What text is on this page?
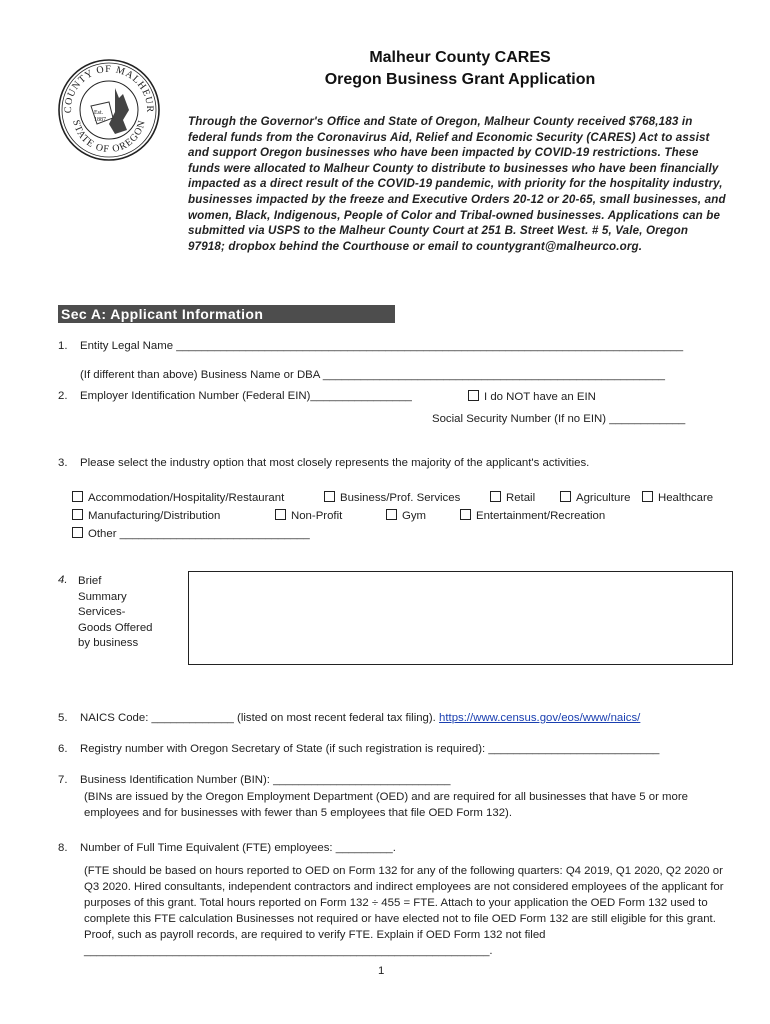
COUNTY OF MALHEUR
STATE OF OREGON
Est.
1887
Malheur County CARES
Oregon Business Grant Application
Through the Governor's Office and State of Oregon, Malheur County received $768,183 in federal funds from the Coronavirus Aid, Relief and Economic Security (CARES) Act to assist and support Oregon businesses who have been impacted by COVID-19 restrictions. These funds were allocated to Malheur County to distribute to businesses who have been financially impacted as a direct result of the COVID-19 pandemic, with priority for the hospitality industry, businesses impacted by the freeze and Executive Orders 20-12 or 20-65, small businesses, and women, Black, Indigenous, People of Color and Tribal-owned businesses. Applications can be submitted via USPS to the Malheur County Court at 251 B. Street West. # 5, Vale, Oregon 97918; dropbox behind the Courthouse or email to countygrant@malheurco.org.
Sec A: Applicant Information
1. Entity Legal Name ________________________________________________________________________________
(If different than above) Business Name or DBA ______________________________________________________
2. Employer Identification Number (Federal EIN)________________	I do NOT have an EIN
Social Security Number (If no EIN) ____________
3. Please select the industry option that most closely represents the majority of the applicant's activities.
Accommodation/Hospitality/Restaurant	Business/Prof. Services	Retail	Agriculture	Healthcare
Manufacturing/Distribution	Non-Profit	Gym	Entertainment/Recreation
Other ______________________________
4. Brief
Summary
Services-
Goods Offered
by business
5. NAICS Code: _____________ (listed on most recent federal tax filing). https://www.census.gov/eos/www/naics/
6. Registry number with Oregon Secretary of State (if such registration is required): ___________________________
7. Business Identification Number (BIN): ____________________________
(BINs are issued by the Oregon Employment Department (OED) and are required for all businesses that have 5 or more employees and for businesses with fewer than 5 employees that file OED Form 132).
8. Number of Full Time Equivalent (FTE) employees: _________.
(FTE should be based on hours reported to OED on Form 132 for any of the following quarters: Q4 2019, Q1 2020, Q2 2020 or Q3 2020. Hired consultants, independent contractors and indirect employees are not considered employees of the applicant for purposes of this grant. Total hours reported on Form 132 ÷ 455 = FTE. Attach to your application the OED Form 132 used to complete this FTE calculation Businesses not required or have elected not to file OED Form 132 are still eligible for this grant. Proof, such as payroll records, are required to verify FTE. Explain if OED Form 132 not filed ________________________________________________________________.
1
